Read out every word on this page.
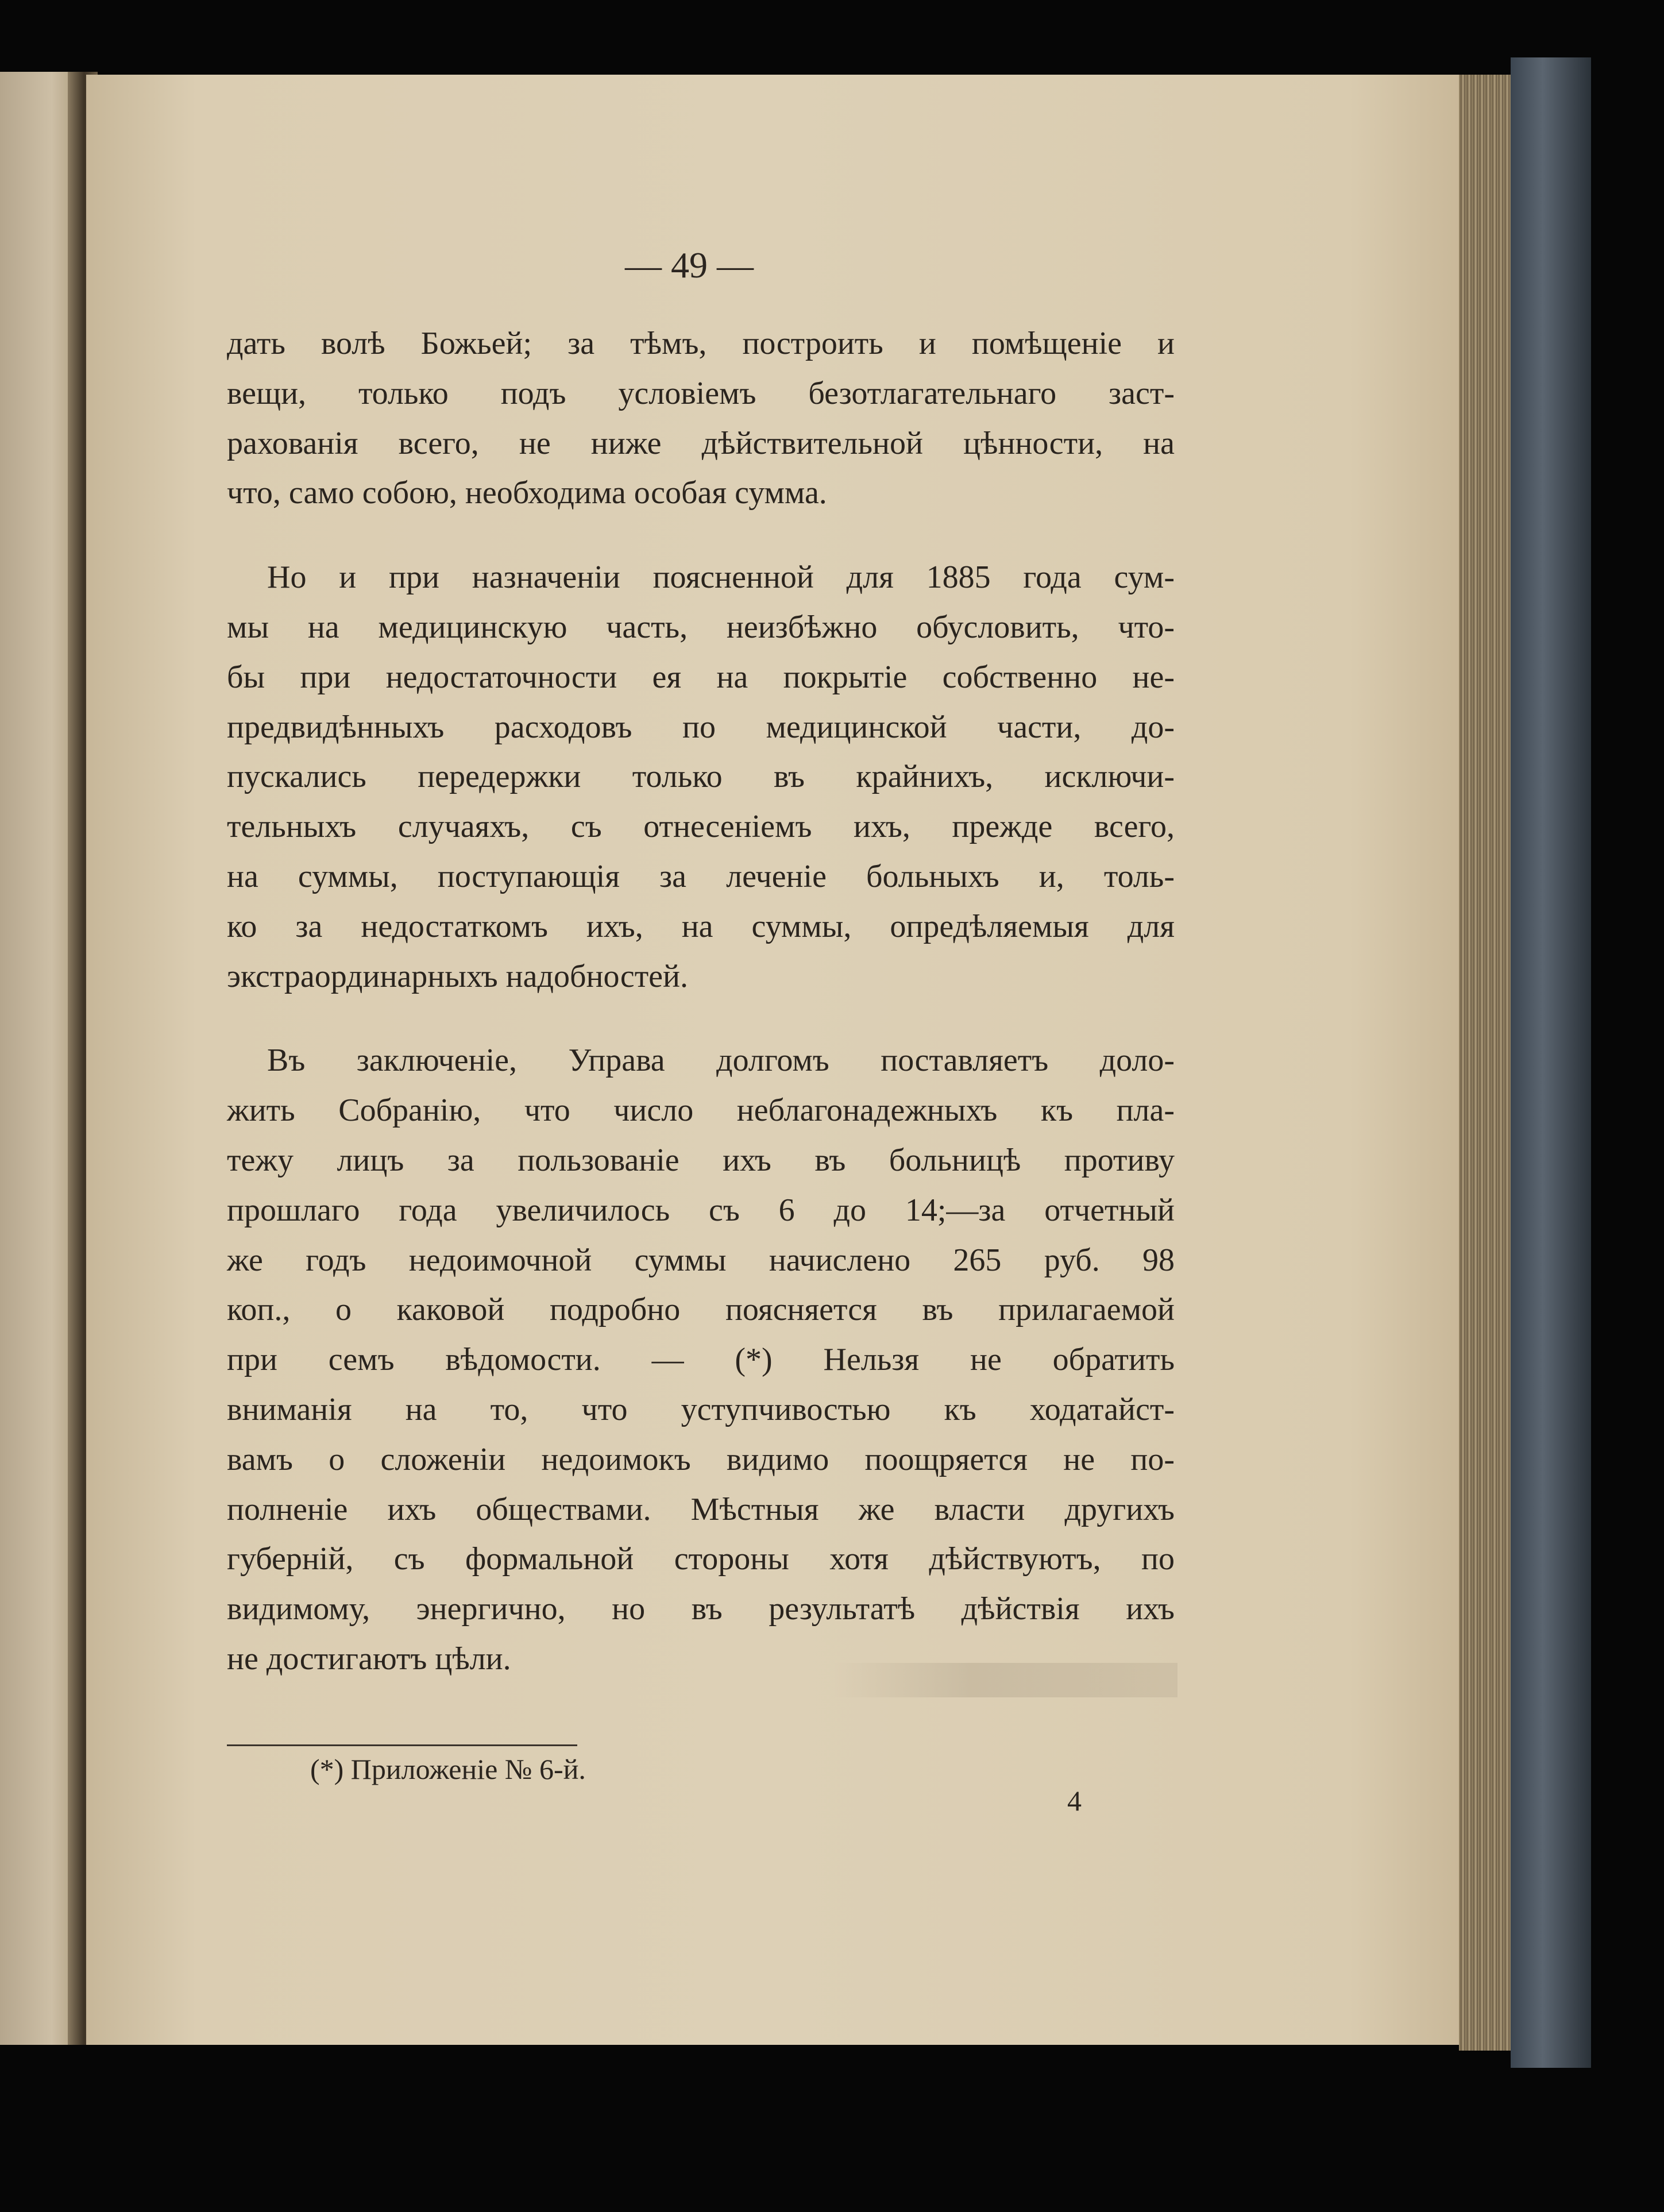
— 49 —
дать волѣ Божьей; за тѣмъ, построить и помѣщеніе и
вещи, только подъ условіемъ безотлагательнаго заст-
рахованія всего, не ниже дѣйствительной цѣнности, на
что, само собою, необходима особая сумма.
Но и при назначеніи поясненной для 1885 года сум-
мы на медицинскую часть, неизбѣжно обусловить, что-
бы при недостаточности ея на покрытіе собственно не-
предвидѣнныхъ расходовъ по медицинской части, до-
пускались передержки только въ крайнихъ, исключи-
тельныхъ случаяхъ, съ отнесеніемъ ихъ, прежде всего,
на суммы, поступающія за леченіе больныхъ и, толь-
ко за недостаткомъ ихъ, на суммы, опредѣляемыя для
экстраординарныхъ надобностей.
Въ заключеніе, Управа долгомъ поставляетъ доло-
жить Собранію, что число неблагонадежныхъ къ пла-
тежу лицъ за пользованіе ихъ въ больницѣ противу
прошлаго года увеличилось съ 6 до 14;—за отчетный
же годъ недоимочной суммы начислено 265 руб. 98
коп., о каковой подробно поясняется въ прилагаемой
при семъ вѣдомости. — (*) Нельзя не обратить
вниманія на то, что уступчивостью къ ходатайст-
вамъ о сложеніи недоимокъ видимо поощряется не по-
полненіе ихъ обществами. Мѣстныя же власти другихъ
губерній, съ формальной стороны хотя дѣйствуютъ, по
видимому, энергично, но въ результатѣ дѣйствія ихъ
не достигаютъ цѣли.
(*) Приложеніе № 6-й.
4
